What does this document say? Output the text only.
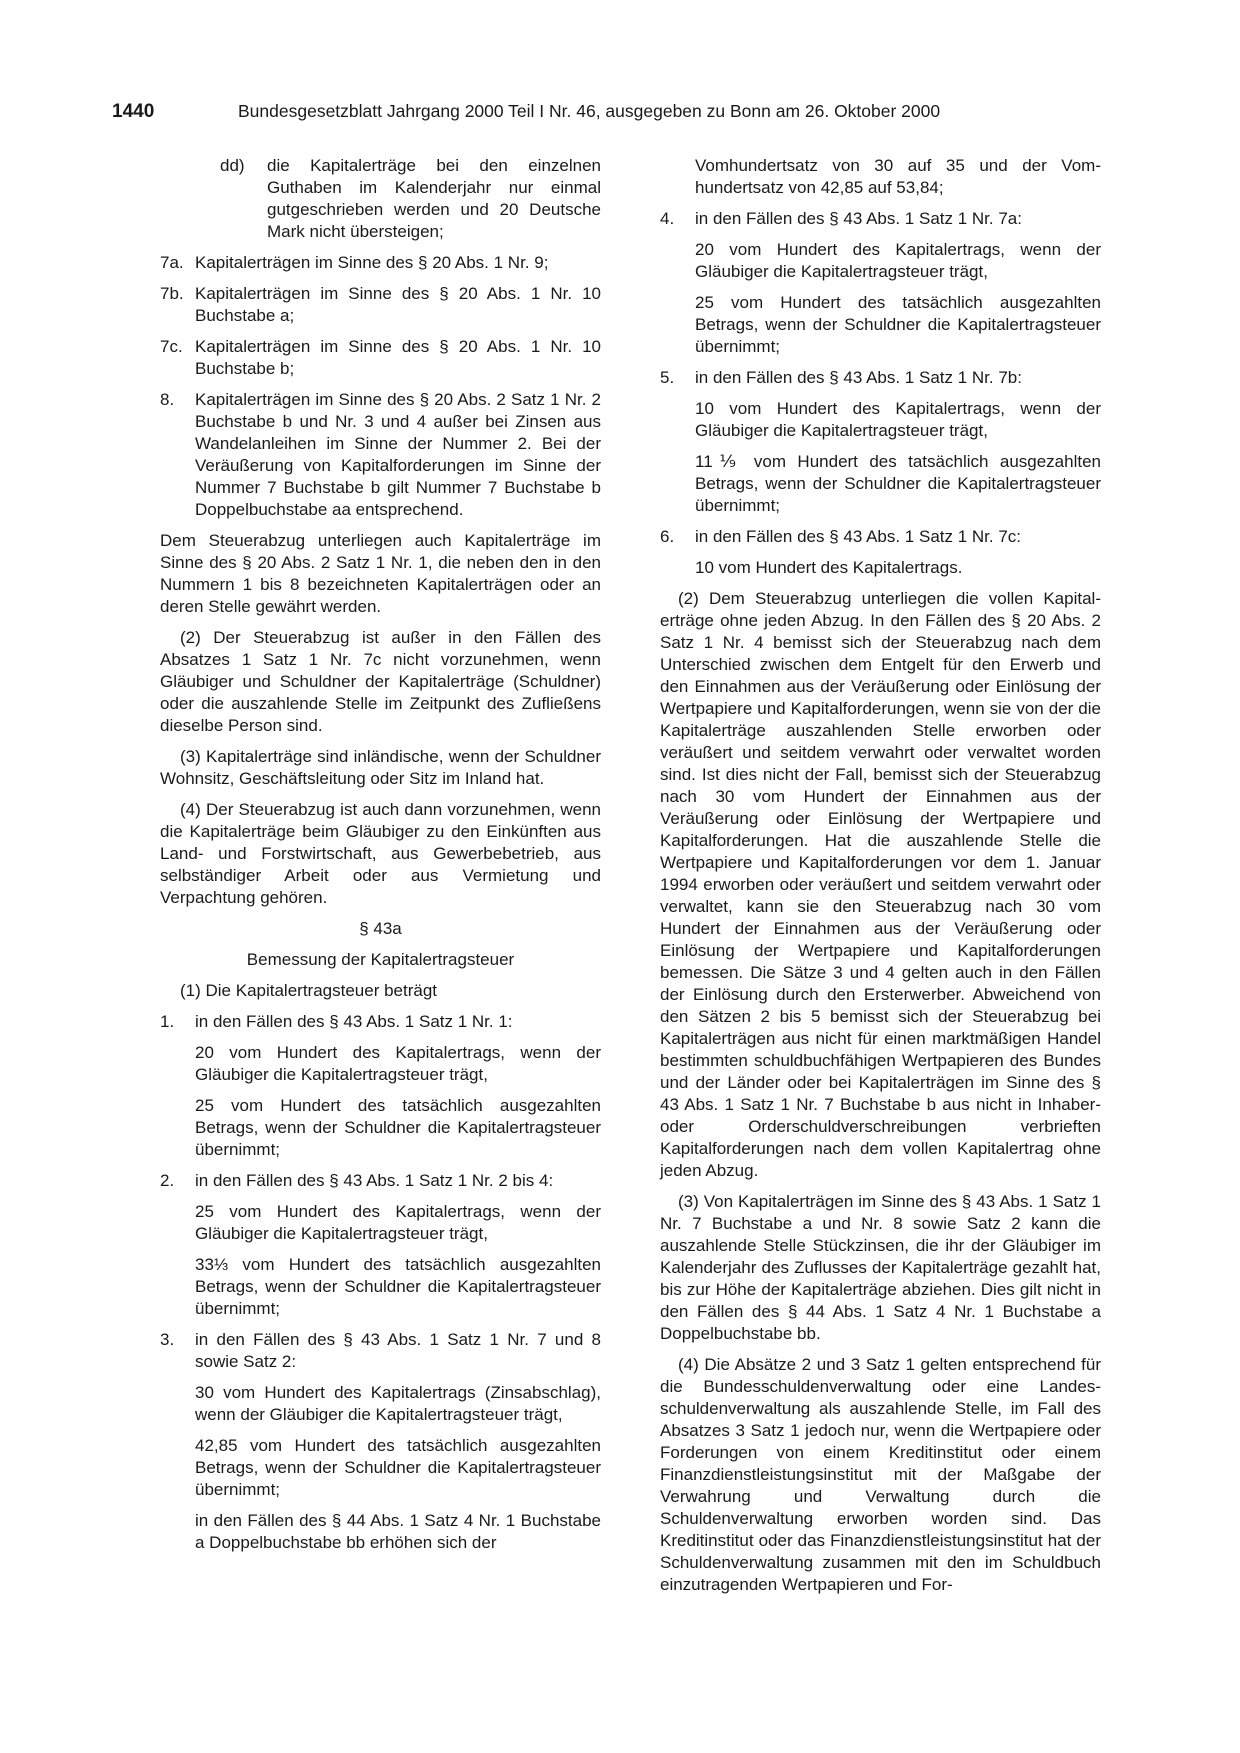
1440	Bundesgesetzblatt Jahrgang 2000 Teil I Nr. 46, ausgegeben zu Bonn am 26. Oktober 2000
dd) die Kapitalerträge bei den einzelnen Guthaben im Kalenderjahr nur einmal gutgeschrieben werden und 20 Deutsche Mark nicht übersteigen;
7a. Kapitalerträgen im Sinne des § 20 Abs. 1 Nr. 9;
7b. Kapitalerträgen im Sinne des § 20 Abs. 1 Nr. 10 Buchstabe a;
7c. Kapitalerträgen im Sinne des § 20 Abs. 1 Nr. 10 Buchstabe b;
8. Kapitalerträgen im Sinne des § 20 Abs. 2 Satz 1 Nr. 2 Buchstabe b und Nr. 3 und 4 außer bei Zinsen aus Wandelanleihen im Sinne der Nummer 2. Bei der Veräußerung von Kapitalforderungen im Sinne der Nummer 7 Buchstabe b gilt Nummer 7 Buchstabe b Doppelbuchstabe aa entsprechend.

Dem Steuerabzug unterliegen auch Kapitalerträge im Sinne des § 20 Abs. 2 Satz 1 Nr. 1, die neben den in den Nummern 1 bis 8 bezeichneten Kapitalerträgen oder an deren Stelle gewährt werden.

(2) Der Steuerabzug ist außer in den Fällen des Absatzes 1 Satz 1 Nr. 7c nicht vorzunehmen, wenn Gläubiger und Schuldner der Kapitalerträge (Schuldner) oder die auszahlende Stelle im Zeitpunkt des Zufließens dieselbe Person sind.

(3) Kapitalerträge sind inländische, wenn der Schuldner Wohnsitz, Geschäftsleitung oder Sitz im Inland hat.

(4) Der Steuerabzug ist auch dann vorzunehmen, wenn die Kapitalerträge beim Gläubiger zu den Einkünften aus Land- und Forstwirtschaft, aus Gewerbebetrieb, aus selbständiger Arbeit oder aus Vermietung und Verpachtung gehören.

§ 43a

Bemessung der Kapitalertragsteuer

(1) Die Kapitalertragsteuer beträgt

1. in den Fällen des § 43 Abs. 1 Satz 1 Nr. 1:

20 vom Hundert des Kapitalertrags, wenn der Gläubiger die Kapitalertragsteuer trägt,

25 vom Hundert des tatsächlich ausgezahlten Betrags, wenn der Schuldner die Kapitalertragsteuer übernimmt;

2. in den Fällen des § 43 Abs. 1 Satz 1 Nr. 2 bis 4:

25 vom Hundert des Kapitalertrags, wenn der Gläubiger die Kapitalertragsteuer trägt,

33⅓ vom Hundert des tatsächlich ausgezahlten Betrags, wenn der Schuldner die Kapitalertragsteuer übernimmt;

3. in den Fällen des § 43 Abs. 1 Satz 1 Nr. 7 und 8 sowie Satz 2:

30 vom Hundert des Kapitalertrags (Zinsabschlag), wenn der Gläubiger die Kapitalertragsteuer trägt,

42,85 vom Hundert des tatsächlich ausgezahlten Betrags, wenn der Schuldner die Kapitalertragsteuer übernimmt;

in den Fällen des § 44 Abs. 1 Satz 4 Nr. 1 Buchstabe a Doppelbuchstabe bb erhöhen sich der

Vomhundertsatz von 30 auf 35 und der Vomhundertsatz von 42,85 auf 53,84;

4. in den Fällen des § 43 Abs. 1 Satz 1 Nr. 7a:

20 vom Hundert des Kapitalertrags, wenn der Gläubiger die Kapitalertragsteuer trägt,

25 vom Hundert des tatsächlich ausgezahlten Betrags, wenn der Schuldner die Kapitalertragsteuer übernimmt;

5. in den Fällen des § 43 Abs. 1 Satz 1 Nr. 7b:

10 vom Hundert des Kapitalertrags, wenn der Gläubiger die Kapitalertragsteuer trägt,

11⅑ vom Hundert des tatsächlich ausgezahlten Betrags, wenn der Schuldner die Kapitalertragsteuer übernimmt;

6. in den Fällen des § 43 Abs. 1 Satz 1 Nr. 7c:

10 vom Hundert des Kapitalertrags.

(2) Dem Steuerabzug unterliegen die vollen Kapitalerträge ohne jeden Abzug. In den Fällen des § 20 Abs. 2 Satz 1 Nr. 4 bemisst sich der Steuerabzug nach dem Unterschied zwischen dem Entgelt für den Erwerb und den Einnahmen aus der Veräußerung oder Einlösung der Wertpapiere und Kapitalforderungen, wenn sie von der die Kapitalerträge auszahlenden Stelle erworben oder veräußert und seitdem verwahrt oder verwaltet worden sind. Ist dies nicht der Fall, bemisst sich der Steuerabzug nach 30 vom Hundert der Einnahmen aus der Veräußerung oder Einlösung der Wertpapiere und Kapitalforderungen. Hat die auszahlende Stelle die Wertpapiere und Kapitalforderungen vor dem 1. Januar 1994 erworben oder veräußert und seitdem verwahrt oder verwaltet, kann sie den Steuerabzug nach 30 vom Hundert der Einnahmen aus der Veräußerung oder Einlösung der Wertpapiere und Kapitalforderungen bemessen. Die Sätze 3 und 4 gelten auch in den Fällen der Einlösung durch den Ersterwerber. Abweichend von den Sätzen 2 bis 5 bemisst sich der Steuerabzug bei Kapitalerträgen aus nicht für einen marktmäßigen Handel bestimmten schuldbuchfähigen Wertpapieren des Bundes und der Länder oder bei Kapitalerträgen im Sinne des § 43 Abs. 1 Satz 1 Nr. 7 Buchstabe b aus nicht in Inhaber- oder Orderschuldverschreibungen verbrieften Kapitalforderungen nach dem vollen Kapitalertrag ohne jeden Abzug.

(3) Von Kapitalerträgen im Sinne des § 43 Abs. 1 Satz 1 Nr. 7 Buchstabe a und Nr. 8 sowie Satz 2 kann die auszahlende Stelle Stückzinsen, die ihr der Gläubiger im Kalenderjahr des Zuflusses der Kapitalerträge gezahlt hat, bis zur Höhe der Kapitalerträge abziehen. Dies gilt nicht in den Fällen des § 44 Abs. 1 Satz 4 Nr. 1 Buchstabe a Doppelbuchstabe bb.

(4) Die Absätze 2 und 3 Satz 1 gelten entsprechend für die Bundesschuldenverwaltung oder eine Landesschuldenverwaltung als auszahlende Stelle, im Fall des Absatzes 3 Satz 1 jedoch nur, wenn die Wertpapiere oder Forderungen von einem Kreditinstitut oder einem Finanzdienstleistungsinstitut mit der Maßgabe der Verwahrung und Verwaltung durch die Schuldenverwaltung erworben worden sind. Das Kreditinstitut oder das Finanzdienstleistungsinstitut hat der Schuldenverwaltung zusammen mit den im Schuldbuch einzutragenden Wertpapieren und For-
